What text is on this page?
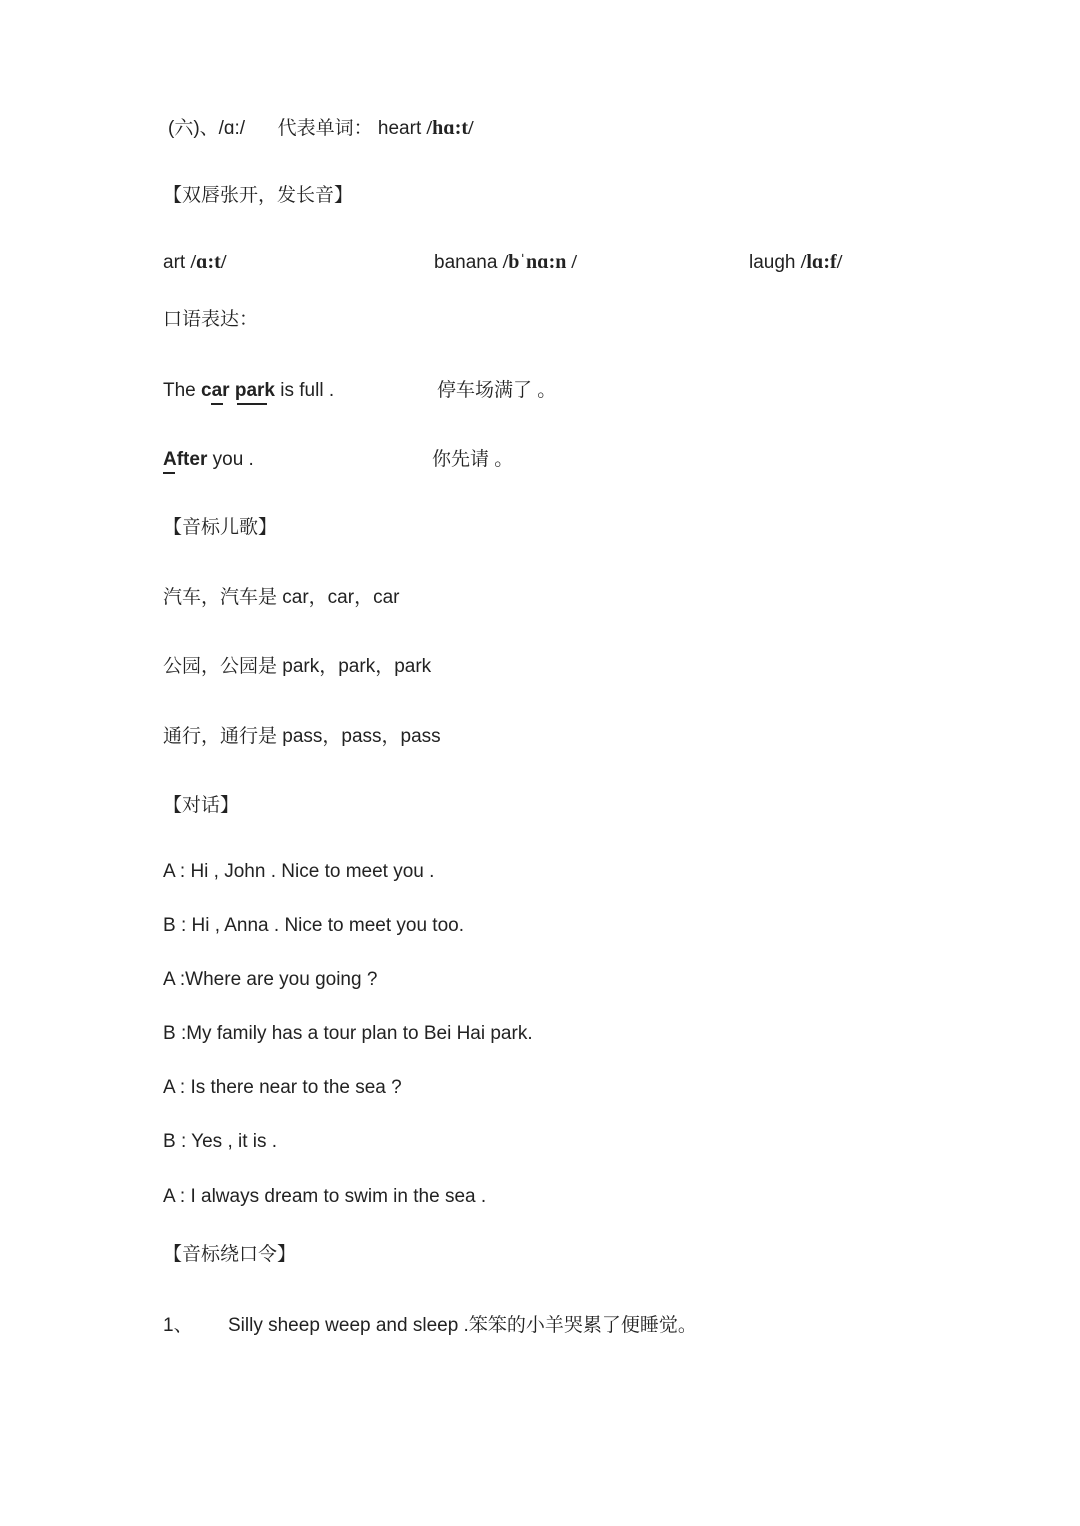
(六)、/ɑ:/ 代表单词： heart /hɑ:t/
【双唇张开，发长音】
art /ɑ:t/	banana /bˈnɑ:n /	laugh /lɑ:f/
口语表达：
The car park is full .	停车场满了 。
After you .	你先请 。
【音标儿歌】
汽车，汽车是 car，car，car
公园，公园是 park，park，park
通行，通行是 pass，pass，pass
【对话】
A : Hi , John . Nice to meet you .
B : Hi , Anna . Nice to meet you too.
A :Where are you going ?
B :My family has a tour plan to Bei Hai park.
A : Is there near to the sea ?
B : Yes , it is .
A : I always dream to swim in the sea .
【音标绕口令】
1、 Silly sheep weep and sleep .笨笨的小羊哭累了便睡觉。
